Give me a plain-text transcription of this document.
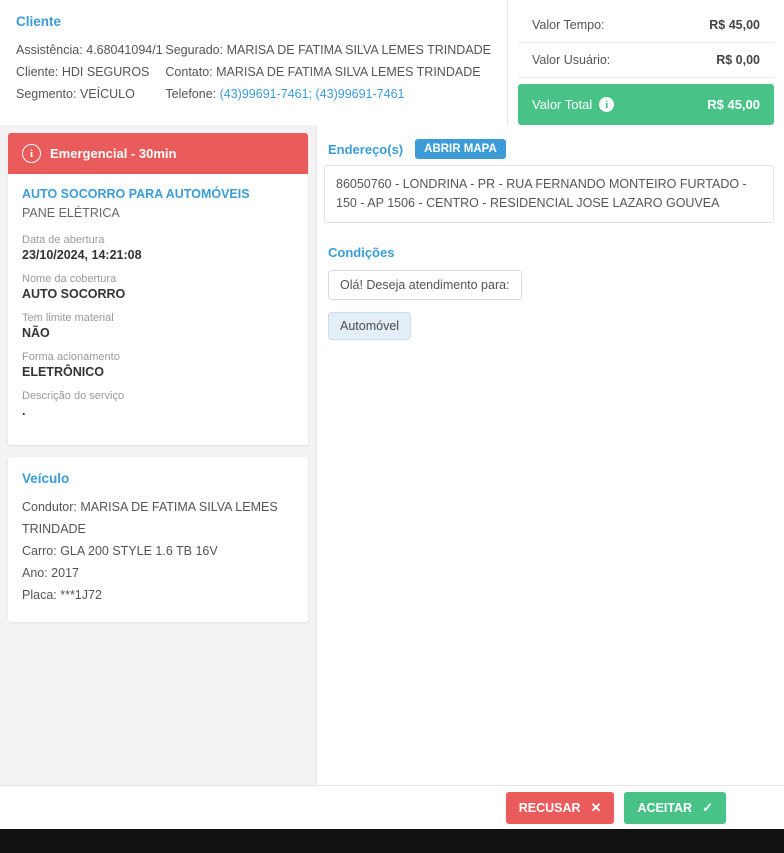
Cliente
Assistência: 4.68041094/1
Cliente: HDI SEGUROS
Segmento: VEÍCULO
Segurado: MARISA DE FATIMA SILVA LEMES TRINDADE
Contato: MARISA DE FATIMA SILVA LEMES TRINDADE
Telefone: (43)99691-7461; (43)99691-7461
Valor Tempo:	R$ 45,00
Valor Usuário:	R$ 0,00
Valor Total	i	R$ 45,00
i	Emergencial - 30min
AUTO SOCORRO PARA AUTOMÓVEIS
PANE ELÉTRICA
Data de abertura
23/10/2024, 14:21:08
Nome da cobertura
AUTO SOCORRO
Tem limite material
NÃO
Forma acionamento
ELETRÔNICO
Descrição do serviço
.
Veículo
Condutor: MARISA DE FATIMA SILVA LEMES TRINDADE
Carro: GLA 200 STYLE 1.6 TB 16V
Ano: 2017
Placa: ***1J72
Endereço(s)	ABRIR MAPA
86050760 - LONDRINA - PR - RUA FERNANDO MONTEIRO FURTADO - 150 - AP 1506 - CENTRO - RESIDENCIAL JOSE LAZARO GOUVEA
Condições
Olá! Deseja atendimento para:
Automóvel
RECUSAR ✕	ACEITAR ✓
